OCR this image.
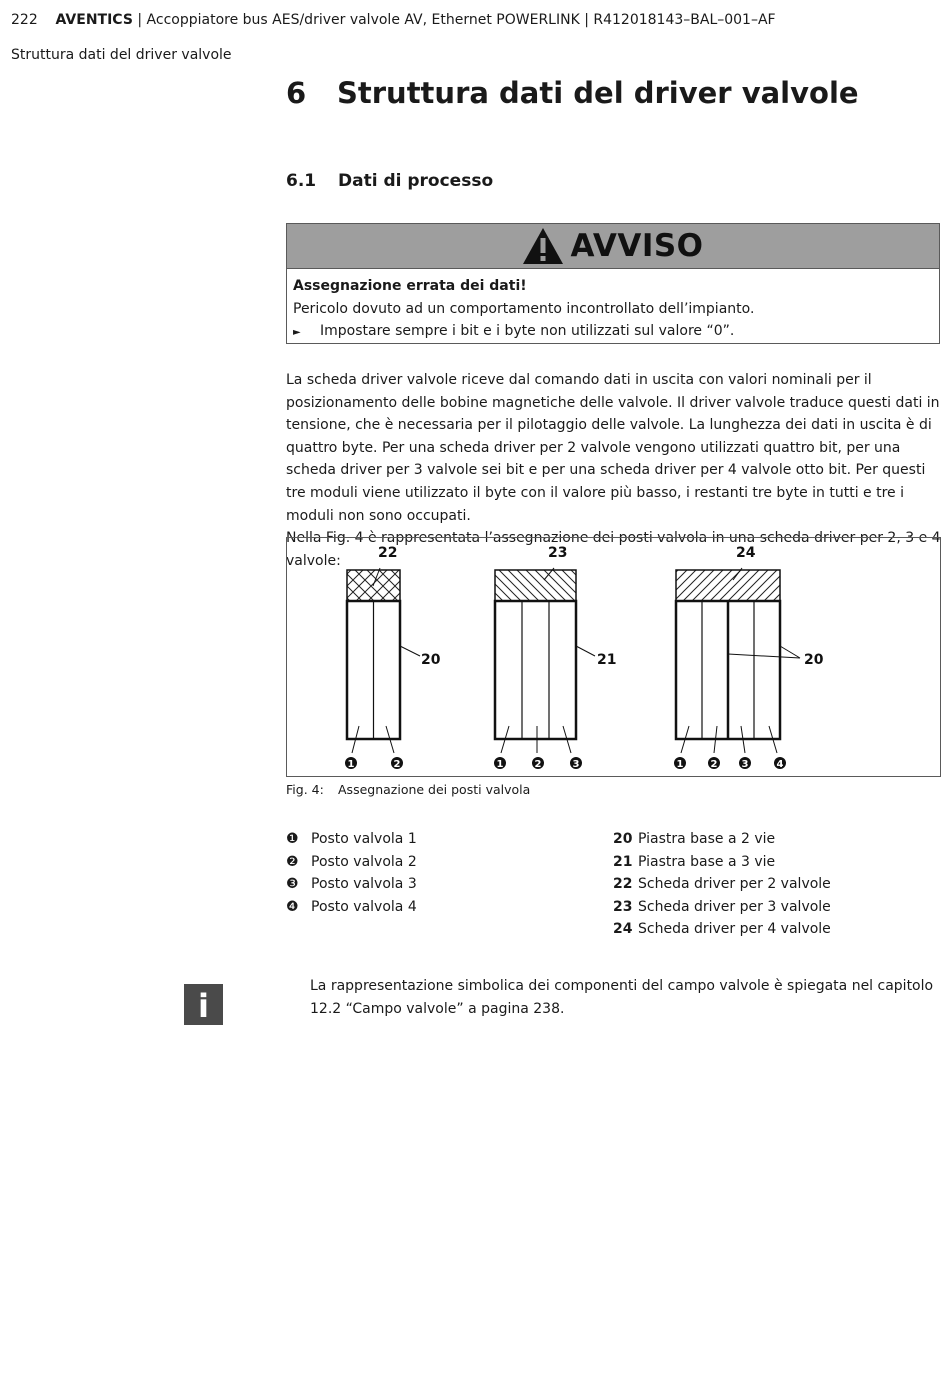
222 AVENTICS | Accoppiatore bus AES/driver valvole AV, Ethernet POWERLINK | R412018143–BAL–001–AF
Struttura dati del driver valvole
6 Struttura dati del driver valvole
6.1 Dati di processo
AVVISO
Assegnazione errata dei dati!
Pericolo dovuto ad un comportamento incontrollato dell’impianto.
► Impostare sempre i bit e i byte non utilizzati sul valore “0”.

La scheda driver valvole riceve dal comando dati in uscita con valori nominali per il posizionamento delle bobine magnetiche delle valvole. Il driver valvole traduce questi dati in tensione, che è necessaria per il pilotaggio delle valvole. La lunghezza dei dati in uscita è di quattro byte. Per una scheda driver per 2 valvole vengono utilizzati quattro bit, per una scheda driver per 3 valvole sei bit e per una scheda driver per 4 valvole otto bit. Per questi tre moduli viene utilizzato il byte con il valore più basso, i restanti tre byte in tutti e tre i moduli non sono occupati.

Nella Fig. 4 è rappresentata l’assegnazione dei posti valvola in una scheda driver per 2, 3 e 4 valvole:	22	23	24
20	21	20
1	2	1	2	3	1	2 3	4
Fig. 4: Assegnazione dei posti valvola
❶ Posto valvola 1
❷ Posto valvola 2
❸ Posto valvola 3
❹ Posto valvola 4
20 Piastra base a 2 vie
21 Piastra base a 3 vie
22 Scheda driver per 2 valvole
23 Scheda driver per 3 valvole
24 Scheda driver per 4 valvole
i
La rappresentazione simbolica dei componenti del campo valvole è spiegata nel capitolo 12.2 “Campo valvole” a pagina 238.
